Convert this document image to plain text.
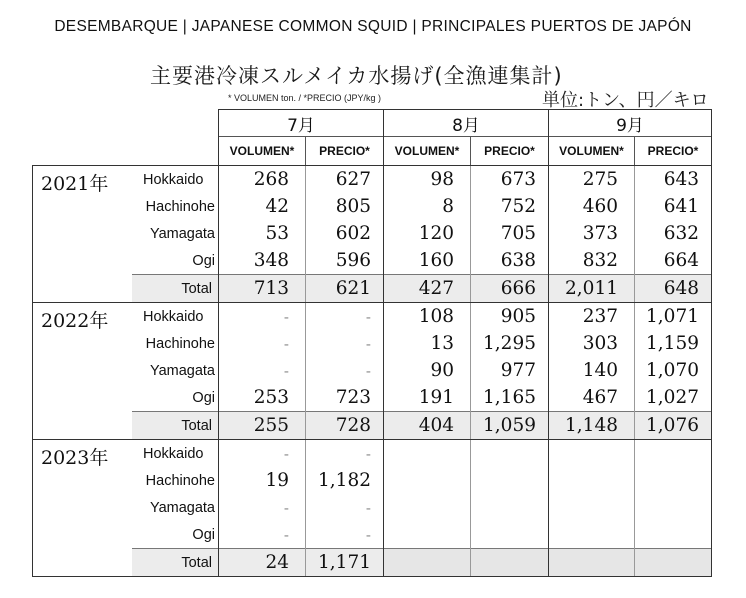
DESEMBARQUE | JAPANESE COMMON SQUID | PRINCIPALES PUERTOS DE JAPÓN
主要港冷凍スルメイカ水揚げ(全漁連集計)
* VOLUMEN ton. / *PRECIO (JPY/kg )	単位:トン、円／キロ
		7月		8月		9月	
		VOLUMEN*	PRECIO*	VOLUMEN*	PRECIO*	VOLUMEN*	PRECIO*
2021年	Hokkaido	268	627	98	673	275	643
	Hachinohe	42	805	8	752	460	641
	Yamagata	53	602	120	705	373	632
	Ogi	348	596	160	638	832	664
	Total	713	621	427	666	2,011	648
2022年	Hokkaido	-	-	108	905	237	1,071
	Hachinohe	-	-	13	1,295	303	1,159
	Yamagata	-	-	90	977	140	1,070
	Ogi	253	723	191	1,165	467	1,027
	Total	255	728	404	1,059	1,148	1,076
2023年	Hokkaido	-	-				
	Hachinohe	19	1,182				
	Yamagata	-	-				
	Ogi	-	-				
	Total	24	1,171				
